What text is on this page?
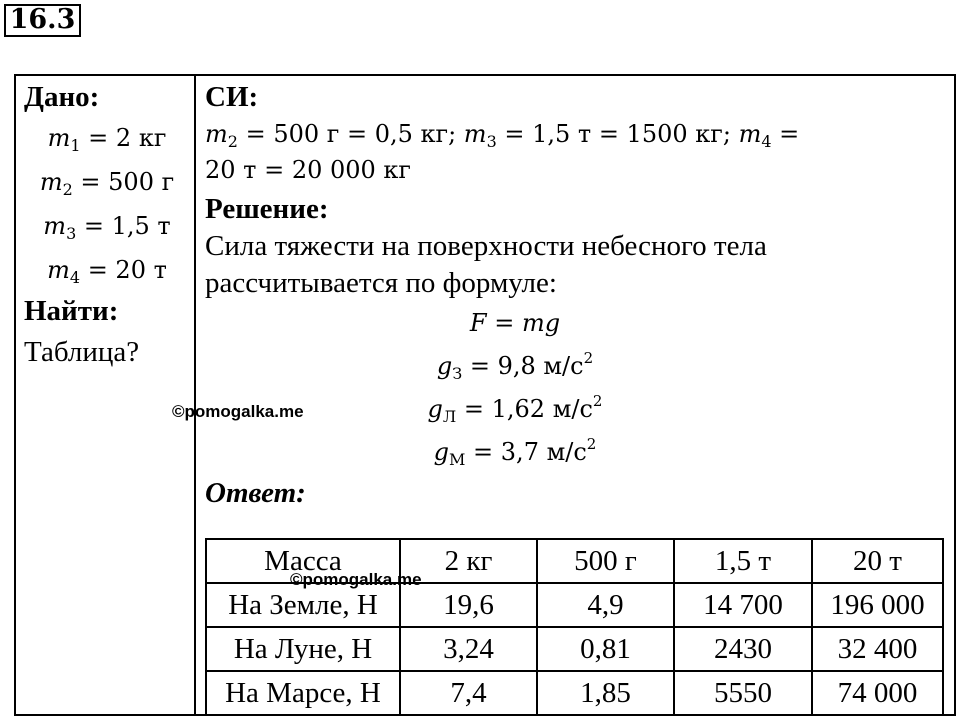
16.3
Дано:
$m_1 = 2$ кг
$m_2 = 500$ г
$m_3 = 1,5$ т
$m_4 = 20$ т
Найти:
Таблица?
СИ:
$m_2 = 500$ г = 0,5 кг; $m_3 = 1,5$ т = 1500 кг; $m_4$ =
20 т = 20 000 кг
Решение:
Сила тяжести на поверхности небесного тела
рассчитывается по формуле:
F = mg
$g_З = 9,8$ $м/с^2$
$g_Л = 1,62$ $м/с^2$
$g_М = 3,7$ $м/с^2$
Ответ:
Масса	2 кг	500 г	1,5 т	20 т
На Земле, Н	19,6	4,9	14 700	196 000
На Луне, Н	3,24	0,81	2430	32 400
На Марсе, Н	7,4	1,85	5550	74 000
©pomogalka.me
©pomogalka.me
